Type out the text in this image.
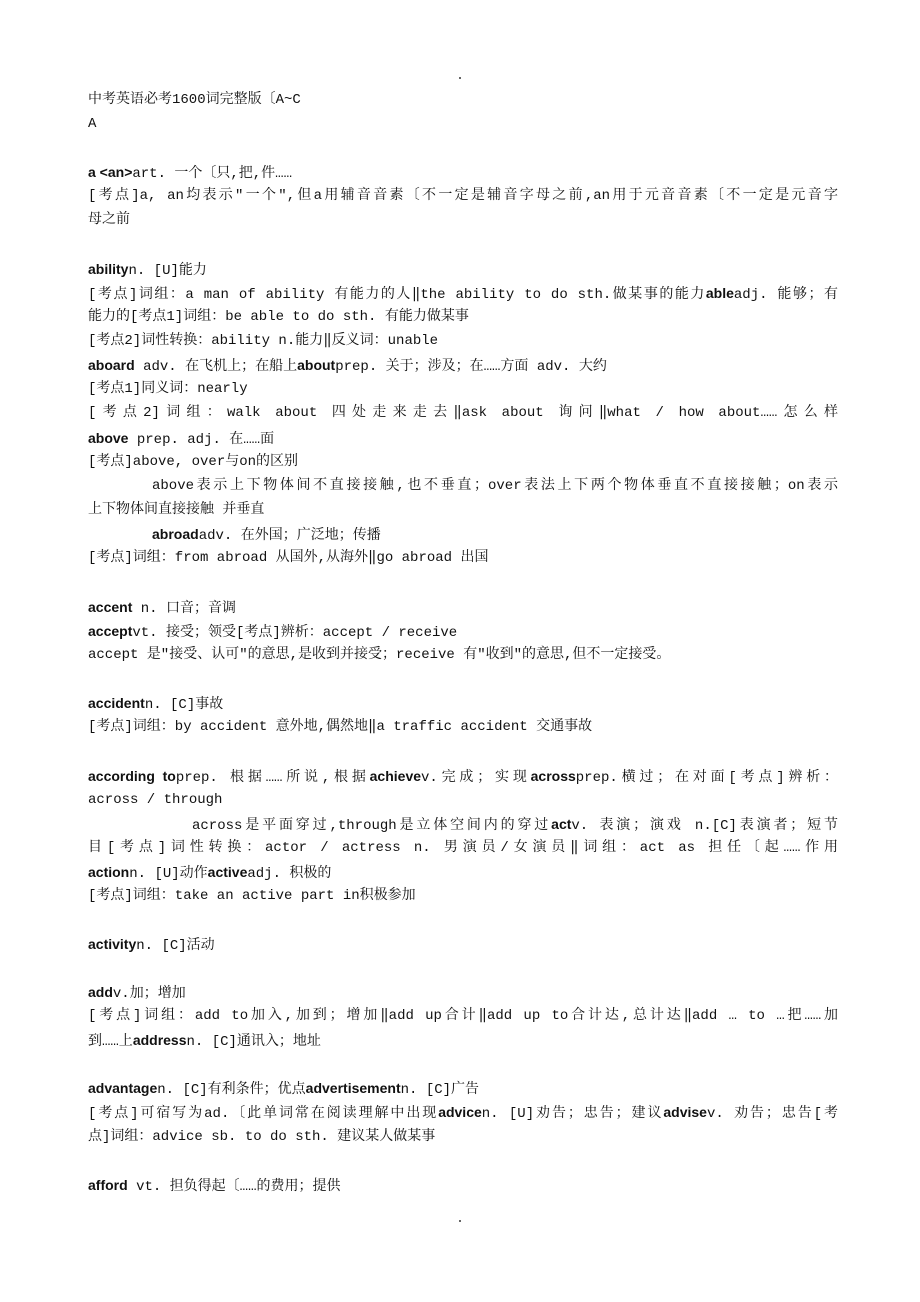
中考英语必考1600词完整版〔A~C
A
a <an>art. 一个〔只,把,件……
[考点]a, an均表示"一个",但a用辅音音素〔不一定是辅音字母之前,an用于元音音素〔不一定是元音字
母之前
abilityn. [U]能力
[考点]词组：a man of ability 有能力的人‖the ability to do sth.做某事的能力ableadj. 能够；有
能力的[考点1]词组：be able to do sth. 有能力做某事
[考点2]词性转换：ability n.能力‖反义词：unable
aboard adv. 在飞机上；在船上aboutprep. 关于；涉及；在……方面 adv. 大约
[考点1]同义词：nearly
[考点2]词组：walk about 四处走来走去‖ask about 询问‖what / how about……怎么样
above prep. adj. 在……面
[考点]above, over与on的区别
above表示上下物体间不直接接触,也不垂直；over表法上下两个物体垂直不直接接触；on表示
上下物体间直接接触 并垂直
abroadadv. 在外国；广泛地；传播
[考点]词组：from abroad 从国外,从海外‖go abroad 出国
accent n. 口音；音调
acceptvt. 接受；领受[考点]辨析：accept / receive
accept 是"接受、认可"的意思,是收到并接受；receive 有"收到"的意思,但不一定接受。
accidentn. [C]事故
[考点]词组：by accident 意外地,偶然地‖a traffic accident 交通事故
according toprep. 根据……所说,根据achievev.完成；实现acrossprep.横过；在对面[考点]辨析：
across / through
across是平面穿过,through是立体空间内的穿过actv. 表演；演戏 n.[C]表演者；短节
目[考点]词性转换：actor / actress n. 男演员/女演员‖词组：act as 担任〔起……作用
actionn. [U]动作activeadj. 积极的
[考点]词组：take an active part in积极参加
activityn. [C]活动
addv.加；增加
[考点]词组：add to加入,加到；增加‖add up合计‖add up to合计达,总计达‖add … to …把……加
到……上addressn. [C]通讯入；地址
advantagen. [C]有利条件；优点advertisementn. [C]广告
[考点]可宿写为ad.〔此单词常在阅读理解中出现advicen. [U]劝告；忠告；建议advisev. 劝告；忠告[考
点]词组：advice sb. to do sth. 建议某人做某事
afford vt. 担负得起〔……的费用；提供
